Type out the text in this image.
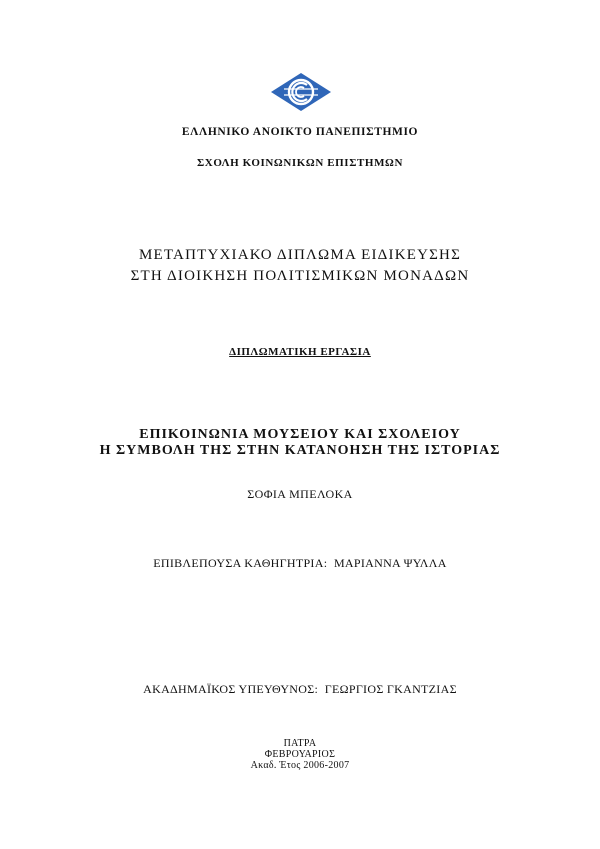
ΕΛΛΗΝΙΚΟ ΑΝΟΙΚΤΟ ΠΑΝΕΠΙΣΤΗΜΙΟ
ΣΧΟΛΗ ΚΟΙΝΩΝΙΚΩΝ ΕΠΙΣΤΗΜΩΝ
ΜΕΤΑΠΤΥΧΙΑΚΟ ΔΙΠΛΩΜΑ ΕΙΔΙΚΕΥΣΗΣ
ΣΤΗ ΔΙΟΙΚΗΣΗ ΠΟΛΙΤΙΣΜΙΚΩΝ ΜΟΝΑΔΩΝ
ΔΙΠΛΩΜΑΤΙΚΗ ΕΡΓΑΣΙΑ
ΕΠΙΚΟΙΝΩΝΙΑ ΜΟΥΣΕΙΟΥ ΚΑΙ ΣΧΟΛΕΙΟΥ
Η ΣΥΜΒΟΛΗ ΤΗΣ ΣΤΗΝ ΚΑΤΑΝΟΗΣΗ ΤΗΣ ΙΣΤΟΡΙΑΣ
ΣΟΦΙΑ ΜΠΕΛΟΚΑ
ΕΠΙΒΛΕΠΟΥΣΑ ΚΑΘΗΓΗΤΡΙΑ: ΜΑΡΙΑΝΝΑ ΨΥΛΛΑ
ΑΚΑΔΗΜΑΪΚΟΣ ΥΠΕΥΘΥΝΟΣ: ΓΕΩΡΓΙΟΣ ΓΚΑΝΤΖΙΑΣ
ΠΑΤΡΑ
ΦΕΒΡΟΥΑΡΙΟΣ
Ακαδ. Έτος 2006-2007
